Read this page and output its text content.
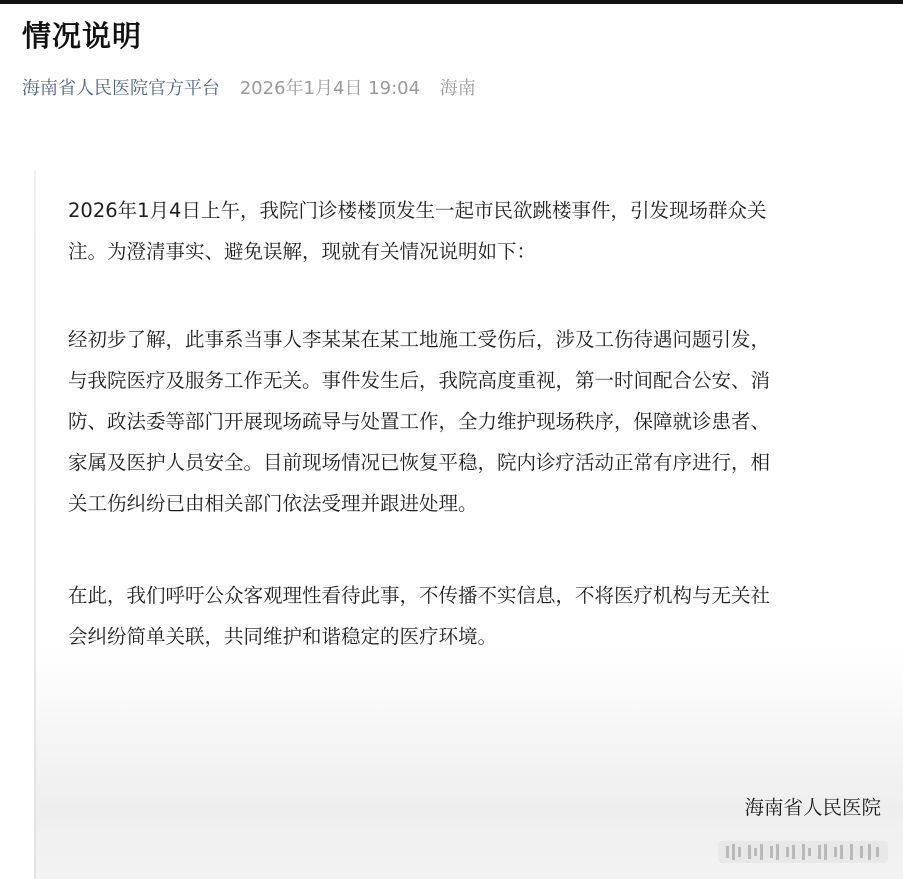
情况说明
海南省人民医院官方平台 2026年1月4日 19:04 海南
2026年1月4日上午，我院门诊楼楼顶发生一起市民欲跳楼事件，引发现场群众关
注。为澄清事实、避免误解，现就有关情况说明如下：
经初步了解，此事系当事人李某某在某工地施工受伤后，涉及工伤待遇问题引发，
与我院医疗及服务工作无关。事件发生后，我院高度重视，第一时间配合公安、消
防、政法委等部门开展现场疏导与处置工作，全力维护现场秩序，保障就诊患者、
家属及医护人员安全。目前现场情况已恢复平稳，院内诊疗活动正常有序进行，相
关工伤纠纷已由相关部门依法受理并跟进处理。
在此，我们呼吁公众客观理性看待此事，不传播不实信息，不将医疗机构与无关社
会纠纷简单关联，共同维护和谐稳定的医疗环境。

海南省人民医院
